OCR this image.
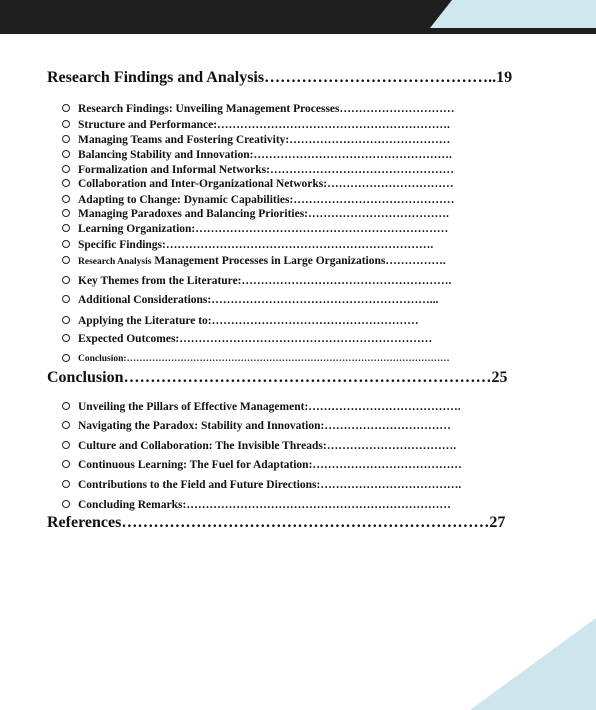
Research Findings and Analysis……………………………………..19
Research Findings: Unveiling Management Processes…………………………
Structure and Performance:…………………………………………………….
Managing Teams and Fostering Creativity:……………………………………
Balancing Stability and Innovation:…………………………………………….
Formalization and Informal Networks:…………………………………………
Collaboration and Inter-Organizational Networks:……………………………
Adapting to Change: Dynamic Capabilities:……………………………………
Managing Paradoxes and Balancing Priorities:……………………………….
Learning Organization:…………………………………………………………
Specific Findings:…………………………………………………………….
Research Analysis Management Processes in Large Organizations…………….
Key Themes from the Literature:……………………………………………….
Additional Considerations:…………………………………………………...
Applying the Literature to:………………………………………………
Expected Outcomes:…………………………………………………………
Conclusion:…………………………………………………………………………………………
Conclusion……………………………………………………………25
Unveiling the Pillars of Effective Management:………………………………….
Navigating the Paradox: Stability and Innovation:……………………………
Culture and Collaboration: The Invisible Threads:…………………………….
Continuous Learning: The Fuel for Adaptation:…………………………………
Contributions to the Field and Future Directions:……………………………….
Concluding Remarks:……………………………………………………………
References……………………………………………………………27
